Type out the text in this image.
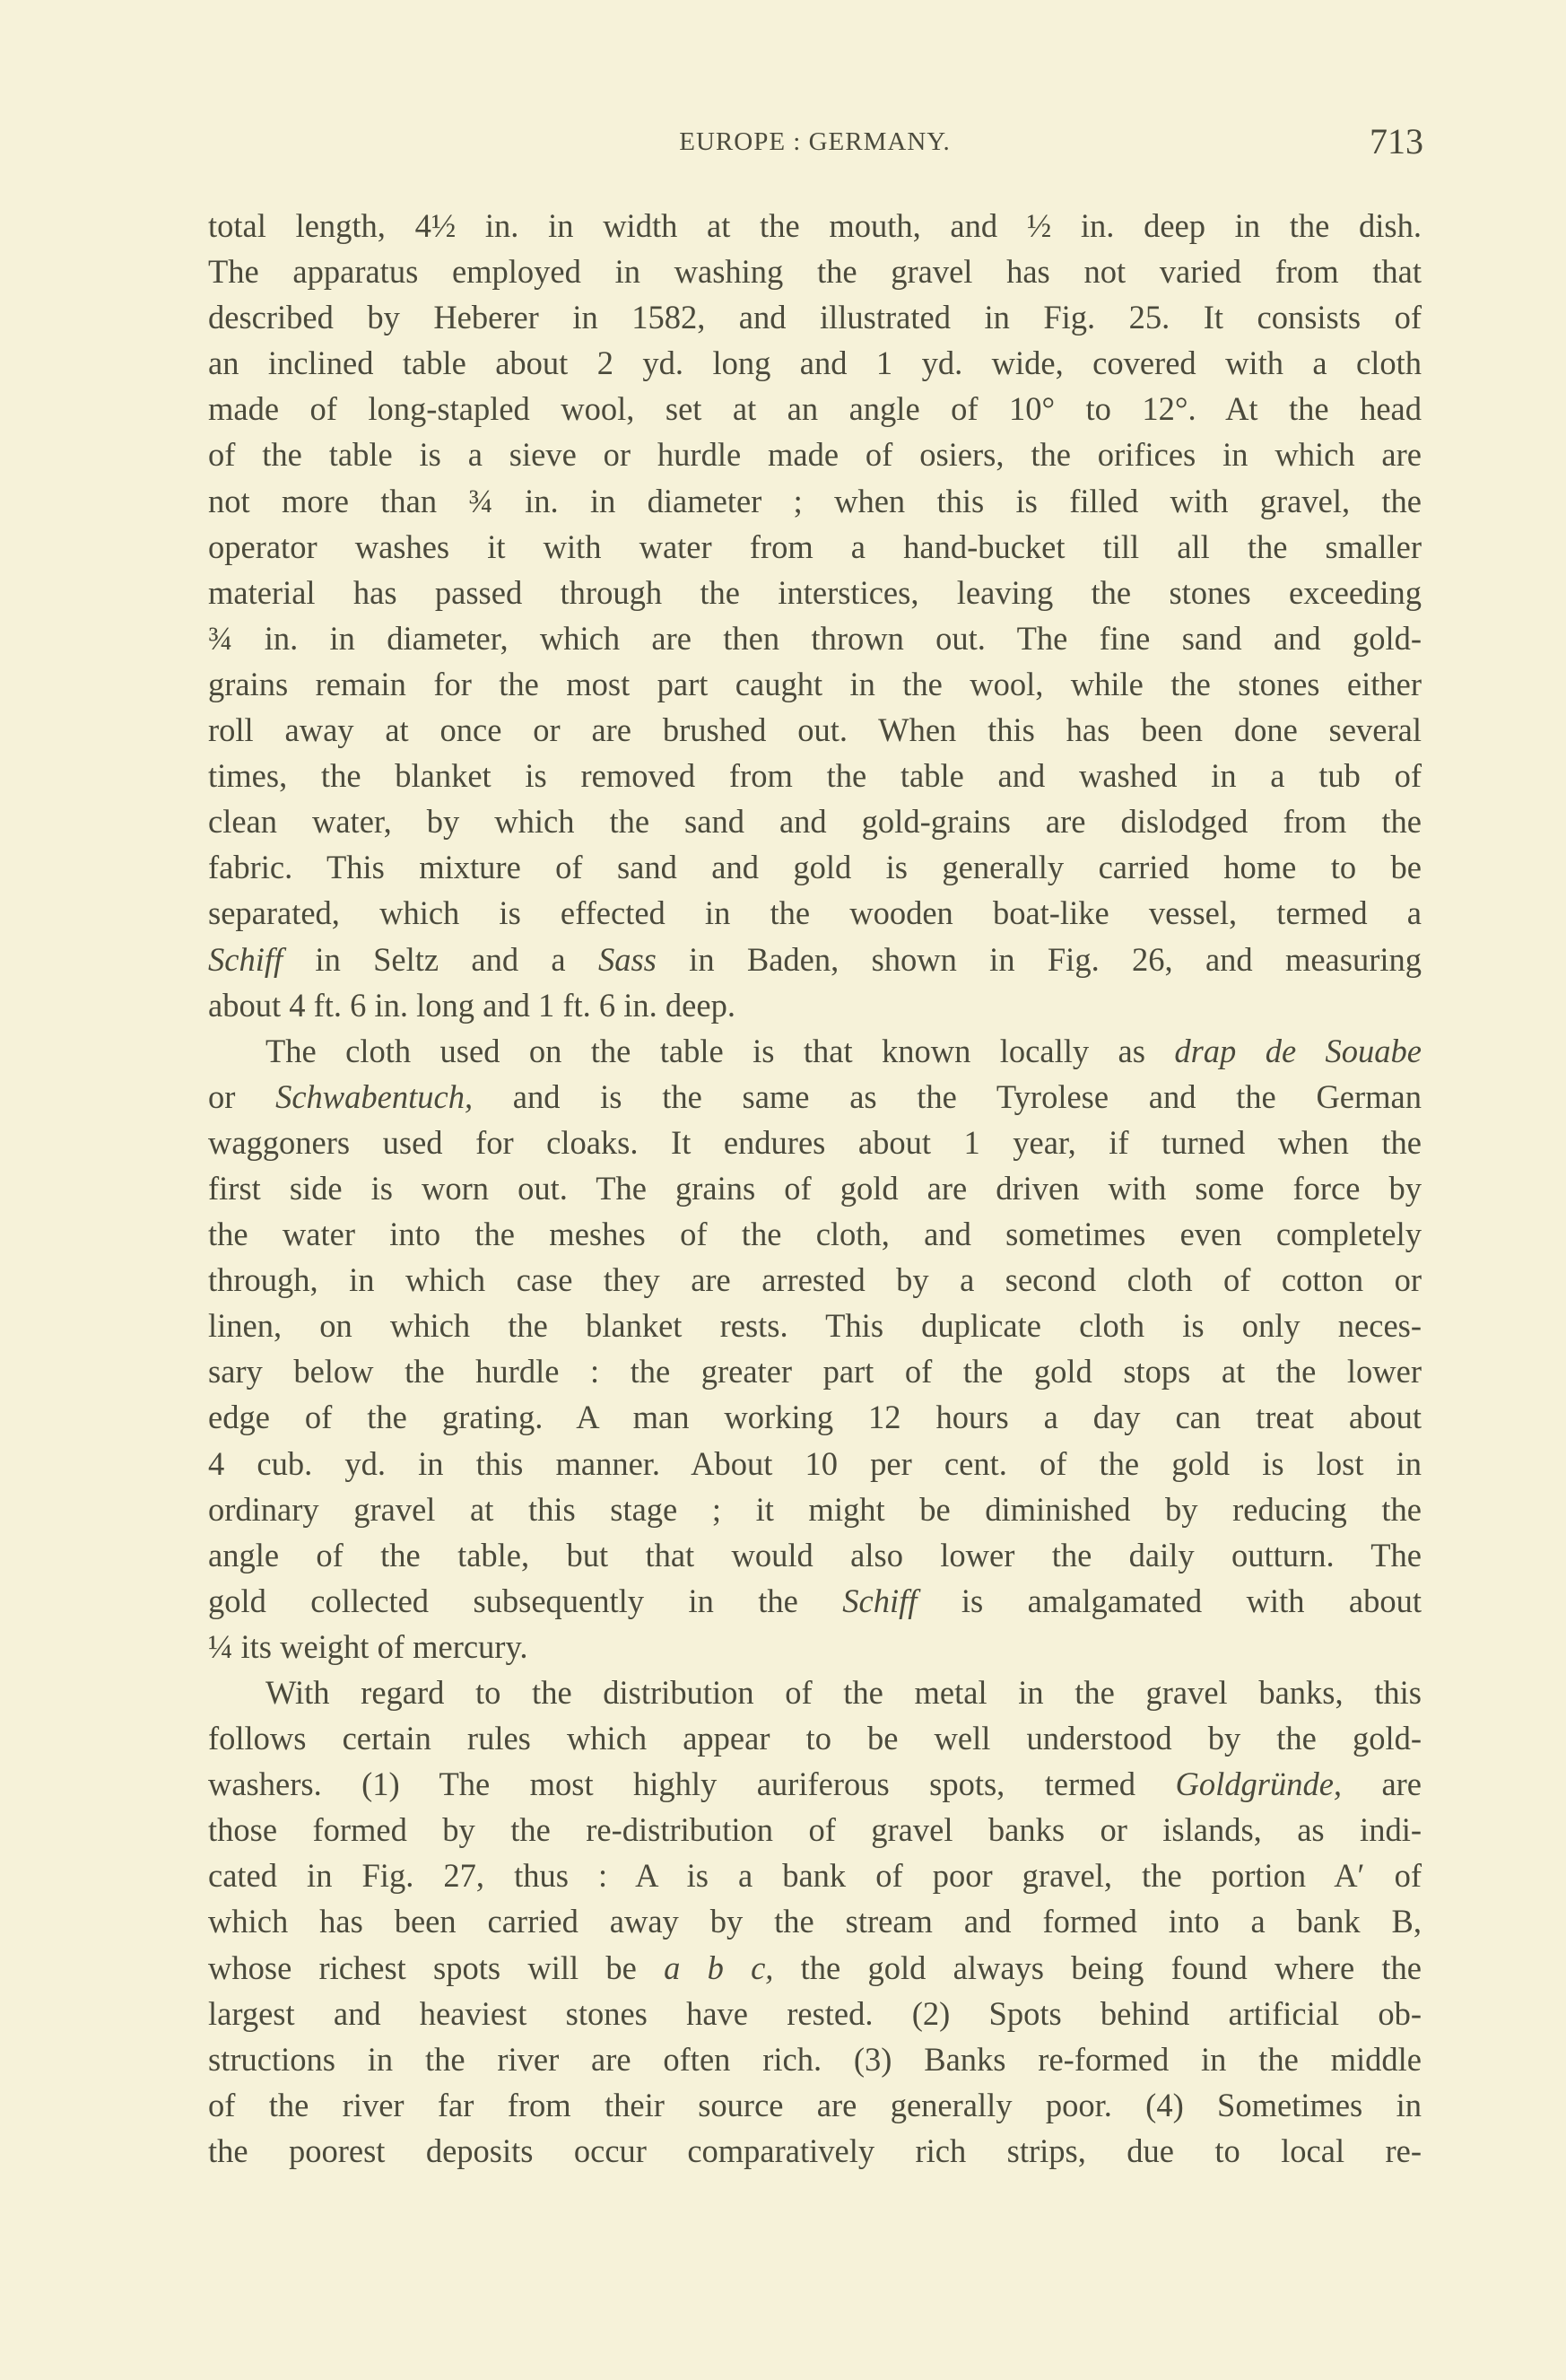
EUROPE : GERMANY.	713
total length, 4½ in. in width at the mouth, and ½ in. deep in the dish.
The apparatus employed in washing the gravel has not varied from that
described by Heberer in 1582, and illustrated in Fig. 25. It consists of
an inclined table about 2 yd. long and 1 yd. wide, covered with a cloth
made of long-stapled wool, set at an angle of 10° to 12°. At the head
of the table is a sieve or hurdle made of osiers, the orifices in which are
not more than ¾ in. in diameter ; when this is filled with gravel, the
operator washes it with water from a hand-bucket till all the smaller
material has passed through the interstices, leaving the stones exceeding
¾ in. in diameter, which are then thrown out. The fine sand and gold-
grains remain for the most part caught in the wool, while the stones either
roll away at once or are brushed out. When this has been done several
times, the blanket is removed from the table and washed in a tub of
clean water, by which the sand and gold-grains are dislodged from the
fabric. This mixture of sand and gold is generally carried home to be
separated, which is effected in the wooden boat-like vessel, termed a
Schiff in Seltz and a Sass in Baden, shown in Fig. 26, and measuring
about 4 ft. 6 in. long and 1 ft. 6 in. deep.
The cloth used on the table is that known locally as drap de Souabe
or Schwabentuch, and is the same as the Tyrolese and the German
waggoners used for cloaks. It endures about 1 year, if turned when the
first side is worn out. The grains of gold are driven with some force by
the water into the meshes of the cloth, and sometimes even completely
through, in which case they are arrested by a second cloth of cotton or
linen, on which the blanket rests. This duplicate cloth is only neces-
sary below the hurdle : the greater part of the gold stops at the lower
edge of the grating. A man working 12 hours a day can treat about
4 cub. yd. in this manner. About 10 per cent. of the gold is lost in
ordinary gravel at this stage ; it might be diminished by reducing the
angle of the table, but that would also lower the daily outturn. The
gold collected subsequently in the Schiff is amalgamated with about
¼ its weight of mercury.
With regard to the distribution of the metal in the gravel banks, this
follows certain rules which appear to be well understood by the gold-
washers. (1) The most highly auriferous spots, termed Goldgründe, are
those formed by the re-distribution of gravel banks or islands, as indi-
cated in Fig. 27, thus : A is a bank of poor gravel, the portion A′ of
which has been carried away by the stream and formed into a bank B,
whose richest spots will be a b c, the gold always being found where the
largest and heaviest stones have rested. (2) Spots behind artificial ob-
structions in the river are often rich. (3) Banks re-formed in the middle
of the river far from their source are generally poor. (4) Sometimes in
the poorest deposits occur comparatively rich strips, due to local re-
